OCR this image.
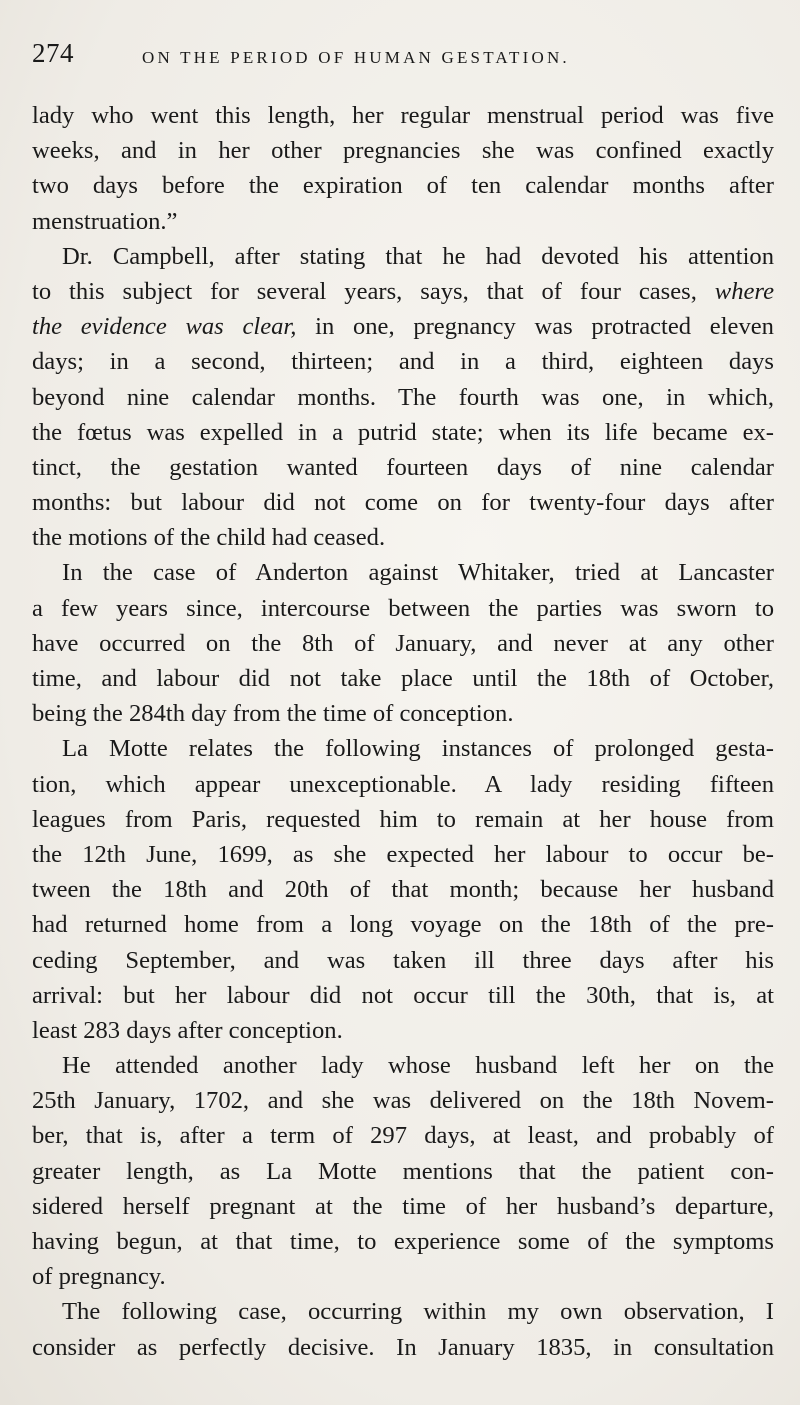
274	ON THE PERIOD OF HUMAN GESTATION.
lady who went this length, her regular menstrual period was five
weeks, and in her other pregnancies she was confined exactly
two days before the expiration of ten calendar months after
menstruation.”
Dr. Campbell, after stating that he had devoted his attention
to this subject for several years, says, that of four cases, where
the evidence was clear, in one, pregnancy was protracted eleven
days; in a second, thirteen; and in a third, eighteen days
beyond nine calendar months. The fourth was one, in which,
the fœtus was expelled in a putrid state; when its life became ex-
tinct, the gestation wanted fourteen days of nine calendar
months: but labour did not come on for twenty-four days after
the motions of the child had ceased.
In the case of Anderton against Whitaker, tried at Lancaster
a few years since, intercourse between the parties was sworn to
have occurred on the 8th of January, and never at any other
time, and labour did not take place until the 18th of October,
being the 284th day from the time of conception.
La Motte relates the following instances of prolonged gesta-
tion, which appear unexceptionable. A lady residing fifteen
leagues from Paris, requested him to remain at her house from
the 12th June, 1699, as she expected her labour to occur be-
tween the 18th and 20th of that month; because her husband
had returned home from a long voyage on the 18th of the pre-
ceding September, and was taken ill three days after his
arrival: but her labour did not occur till the 30th, that is, at
least 283 days after conception.
He attended another lady whose husband left her on the
25th January, 1702, and she was delivered on the 18th Novem-
ber, that is, after a term of 297 days, at least, and probably of
greater length, as La Motte mentions that the patient con-
sidered herself pregnant at the time of her husband’s departure,
having begun, at that time, to experience some of the symptoms
of pregnancy.
The following case, occurring within my own observation, I
consider as perfectly decisive. In January 1835, in consultation
